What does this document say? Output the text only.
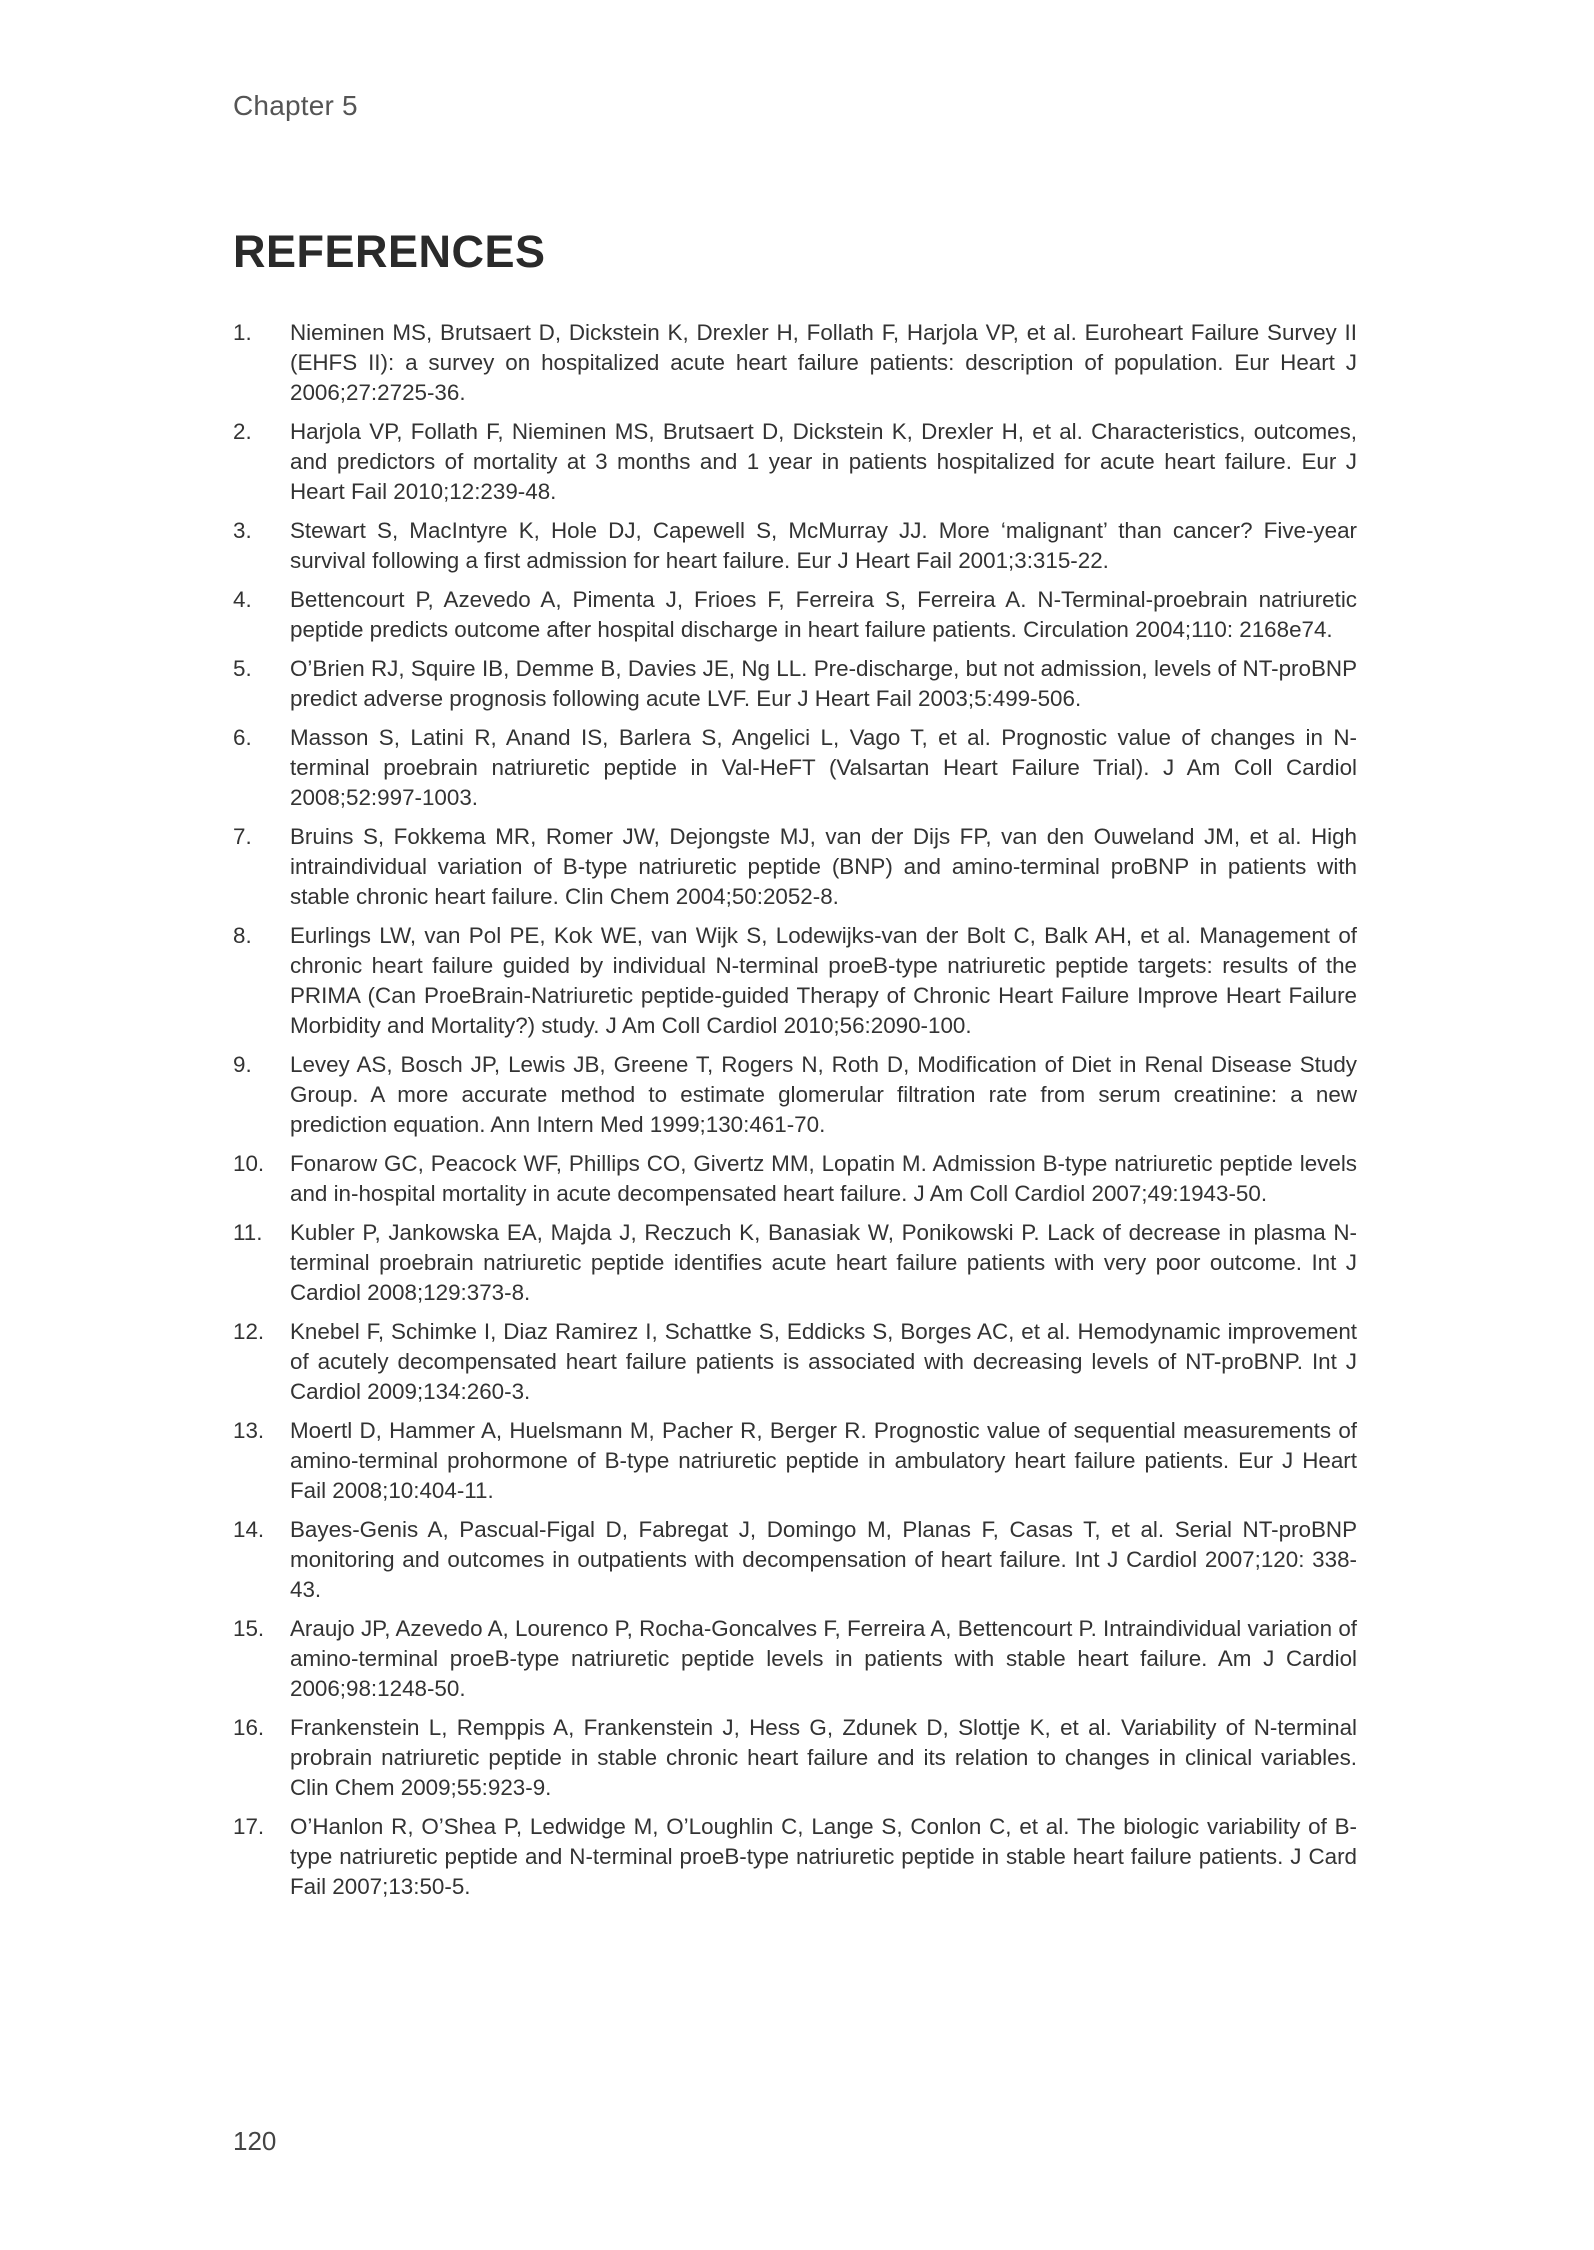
Chapter 5
REFERENCES
1.	Nieminen MS, Brutsaert D, Dickstein K, Drexler H, Follath F, Harjola VP, et al. Euroheart Failure Survey II (EHFS II): a survey on hospitalized acute heart failure patients: description of population. Eur Heart J 2006;27:2725-36.
2.	Harjola VP, Follath F, Nieminen MS, Brutsaert D, Dickstein K, Drexler H, et al. Characteristics, outcomes, and predictors of mortality at 3 months and 1 year in patients hospitalized for acute heart failure. Eur J Heart Fail 2010;12:239-48.
3.	Stewart S, MacIntyre K, Hole DJ, Capewell S, McMurray JJ. More ‘malignant’ than cancer? Five-year survival following a first admission for heart failure. Eur J Heart Fail 2001;3:315-22.
4.	Bettencourt P, Azevedo A, Pimenta J, Frioes F, Ferreira S, Ferreira A. N-Terminal-proebrain natriuretic peptide predicts outcome after hospital discharge in heart failure patients. Circulation 2004;110: 2168e74.
5.	O’Brien RJ, Squire IB, Demme B, Davies JE, Ng LL. Pre-discharge, but not admission, levels of NT-proBNP predict adverse prognosis following acute LVF. Eur J Heart Fail 2003;5:499-506.
6.	Masson S, Latini R, Anand IS, Barlera S, Angelici L, Vago T, et al. Prognostic value of changes in N-terminal proebrain natriuretic peptide in Val-HeFT (Valsartan Heart Failure Trial). J Am Coll Cardiol 2008;52:997-1003.
7.	Bruins S, Fokkema MR, Romer JW, Dejongste MJ, van der Dijs FP, van den Ouweland JM, et al. High intraindividual variation of B-type natriuretic peptide (BNP) and amino-terminal proBNP in patients with stable chronic heart failure. Clin Chem 2004;50:2052-8.
8.	Eurlings LW, van Pol PE, Kok WE, van Wijk S, Lodewijks-van der Bolt C, Balk AH, et al. Management of chronic heart failure guided by individual N-terminal proeB-type natriuretic peptide targets: results of the PRIMA (Can ProeBrain-Natriuretic peptide-guided Therapy of Chronic Heart Failure Improve Heart Failure Morbidity and Mortality?) study. J Am Coll Cardiol 2010;56:2090-100.
9.	Levey AS, Bosch JP, Lewis JB, Greene T, Rogers N, Roth D, Modification of Diet in Renal Disease Study Group. A more accurate method to estimate glomerular filtration rate from serum creatinine: a new prediction equation. Ann Intern Med 1999;130:461-70.
10.	Fonarow GC, Peacock WF, Phillips CO, Givertz MM, Lopatin M. Admission B-type natriuretic peptide levels and in-hospital mortality in acute decompensated heart failure. J Am Coll Cardiol 2007;49:1943-50.
11.	Kubler P, Jankowska EA, Majda J, Reczuch K, Banasiak W, Ponikowski P. Lack of decrease in plasma N-terminal proebrain natriuretic peptide identifies acute heart failure patients with very poor outcome. Int J Cardiol 2008;129:373-8.
12.	Knebel F, Schimke I, Diaz Ramirez I, Schattke S, Eddicks S, Borges AC, et al. Hemodynamic improvement of acutely decompensated heart failure patients is associated with decreasing levels of NT-proBNP. Int J Cardiol 2009;134:260-3.
13.	Moertl D, Hammer A, Huelsmann M, Pacher R, Berger R. Prognostic value of sequential measurements of amino-terminal prohormone of B-type natriuretic peptide in ambulatory heart failure patients. Eur J Heart Fail 2008;10:404-11.
14.	Bayes-Genis A, Pascual-Figal D, Fabregat J, Domingo M, Planas F, Casas T, et al. Serial NT-proBNP monitoring and outcomes in outpatients with decompensation of heart failure. Int J Cardiol 2007;120: 338-43.
15.	Araujo JP, Azevedo A, Lourenco P, Rocha-Goncalves F, Ferreira A, Bettencourt P. Intraindividual variation of amino-terminal proeB-type natriuretic peptide levels in patients with stable heart failure. Am J Cardiol 2006;98:1248-50.
16.	Frankenstein L, Remppis A, Frankenstein J, Hess G, Zdunek D, Slottje K, et al. Variability of N-terminal probrain natriuretic peptide in stable chronic heart failure and its relation to changes in clinical variables. Clin Chem 2009;55:923-9.
17.	O’Hanlon R, O’Shea P, Ledwidge M, O’Loughlin C, Lange S, Conlon C, et al. The biologic variability of B-type natriuretic peptide and N-terminal proeB-type natriuretic peptide in stable heart failure patients. J Card Fail 2007;13:50-5.
120
